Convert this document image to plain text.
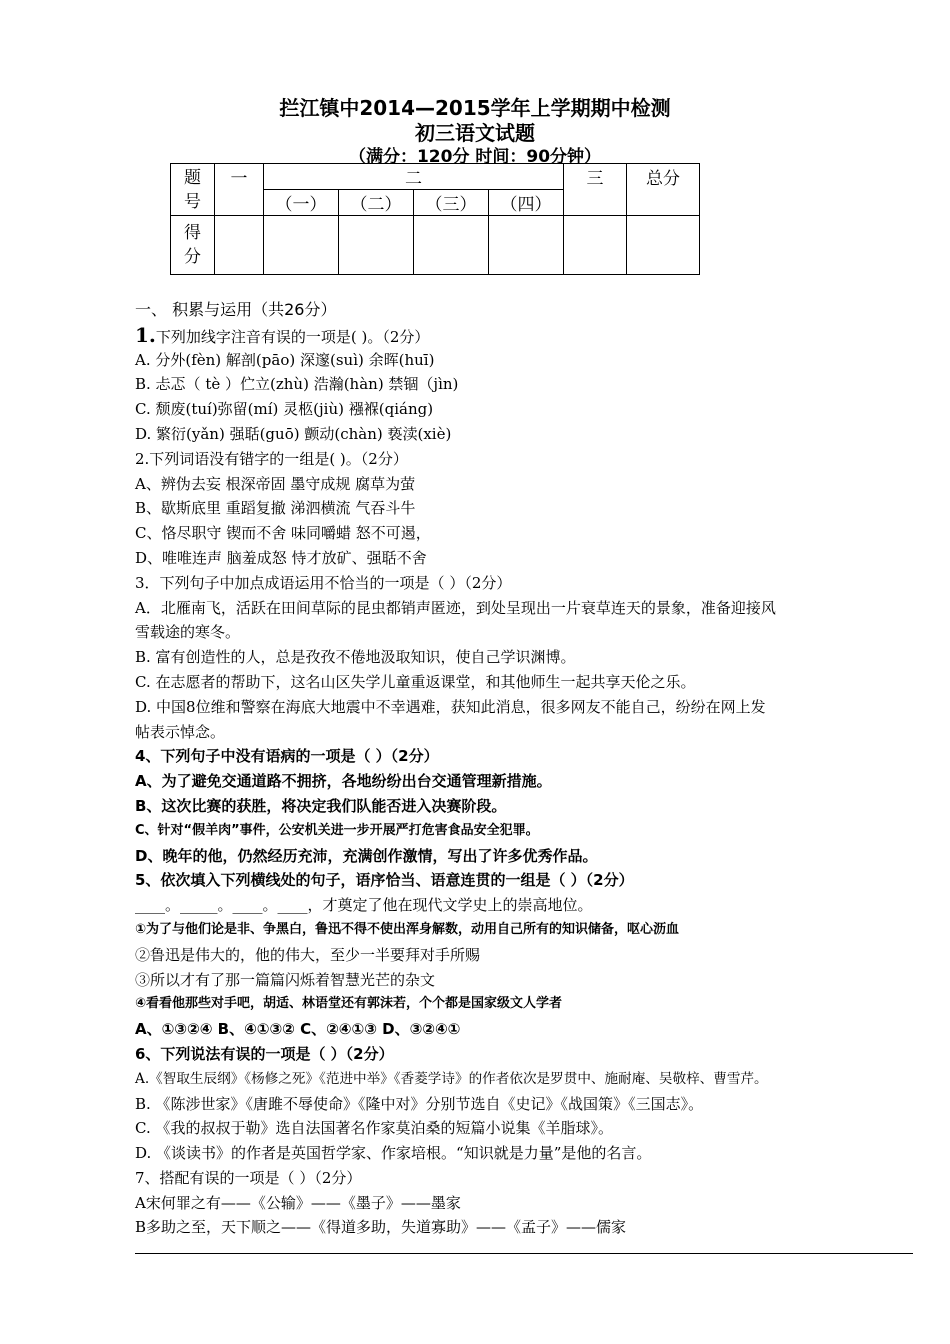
拦江镇中2014—2015学年上学期期中检测
初三语文试题
（满分：120分 时间：90分钟）
题号	一	二				三	总分
		（一）	（二）	（三）	（四）		
得分							
一、 积累与运用（共26分）
1.下列加线字注音有误的一项是( )。（2分）
A. 分外(fèn) 解剖(pāo) 深邃(suì) 余晖(huī)
B. 忐忑（ tè ）伫立(zhù) 浩瀚(hàn) 禁锢（jìn)
C. 颓废(tuí)弥留(mí) 灵柩(jiù) 襁褓(qiáng)
D. 繁衍(yǎn) 强聒(guō) 颤动(chàn) 亵渎(xiè)
2.下列词语没有错字的一组是( )。（2分）
A、辨伪去妄 根深帝固 墨守成规 腐草为萤
B、歇斯底里 重蹈复撤 涕泗横流 气吞斗牛
C、恪尽职守 锲而不舍 味同嚼蜡 怒不可遏，
D、唯唯连声 脑羞成怒 恃才放矿、强聒不舍
3．下列句子中加点成语运用不恰当的一项是（ ）（2分）
A．北雁南飞，活跃在田间草际的昆虫都销声匿迹，到处呈现出一片衰草连天的景象，准备迎接风
雪载途的寒冬。
B. 富有创造性的人，总是孜孜不倦地汲取知识，使自己学识渊博。
C. 在志愿者的帮助下，这名山区失学儿童重返课堂，和其他师生一起共享天伦之乐。
D. 中国8位维和警察在海底大地震中不幸遇难，获知此消息，很多网友不能自己，纷纷在网上发
帖表示悼念。
4、下列句子中没有语病的一项是（ ）（2分）
A、为了避免交通道路不拥挤，各地纷纷出台交通管理新措施。
B、这次比赛的获胜，将决定我们队能否进入决赛阶段。
C、针对“假羊肉”事件，公安机关进一步开展严打危害食品安全犯罪。
D、晚年的他，仍然经历充沛，充满创作激情，写出了许多优秀作品。
5、依次填入下列横线处的句子，语序恰当、语意连贯的一组是（ ）（2分）
____。_____。____。____，才奠定了他在现代文学史上的崇高地位。
①为了与他们论是非、争黑白，鲁迅不得不使出浑身解数，动用自己所有的知识储备，呕心沥血
②鲁迅是伟大的，他的伟大，至少一半要拜对手所赐
③所以才有了那一篇篇闪烁着智慧光芒的杂文
④看看他那些对手吧，胡适、林语堂还有郭沫若，个个都是国家级文人学者
A、①③②④ B、④①③② C、②④①③ D、③②④①
6、下列说法有误的一项是（ ）（2分）
A.《智取生辰纲》《杨修之死》《范进中举》《香菱学诗》的作者依次是罗贯中、施耐庵、吴敬梓、曹雪芹。
B. 《陈涉世家》《唐雎不辱使命》《隆中对》分别节选自《史记》《战国策》《三国志》。
C. 《我的叔叔于勒》选自法国著名作家莫泊桑的短篇小说集《羊脂球》。
D. 《谈读书》的作者是英国哲学家、作家培根。“知识就是力量”是他的名言。
7、搭配有误的一项是（ ）（2分）
A宋何罪之有——《公输》——《墨子》——墨家
B多助之至，天下顺之——《得道多助，失道寡助》——《孟子》——儒家
